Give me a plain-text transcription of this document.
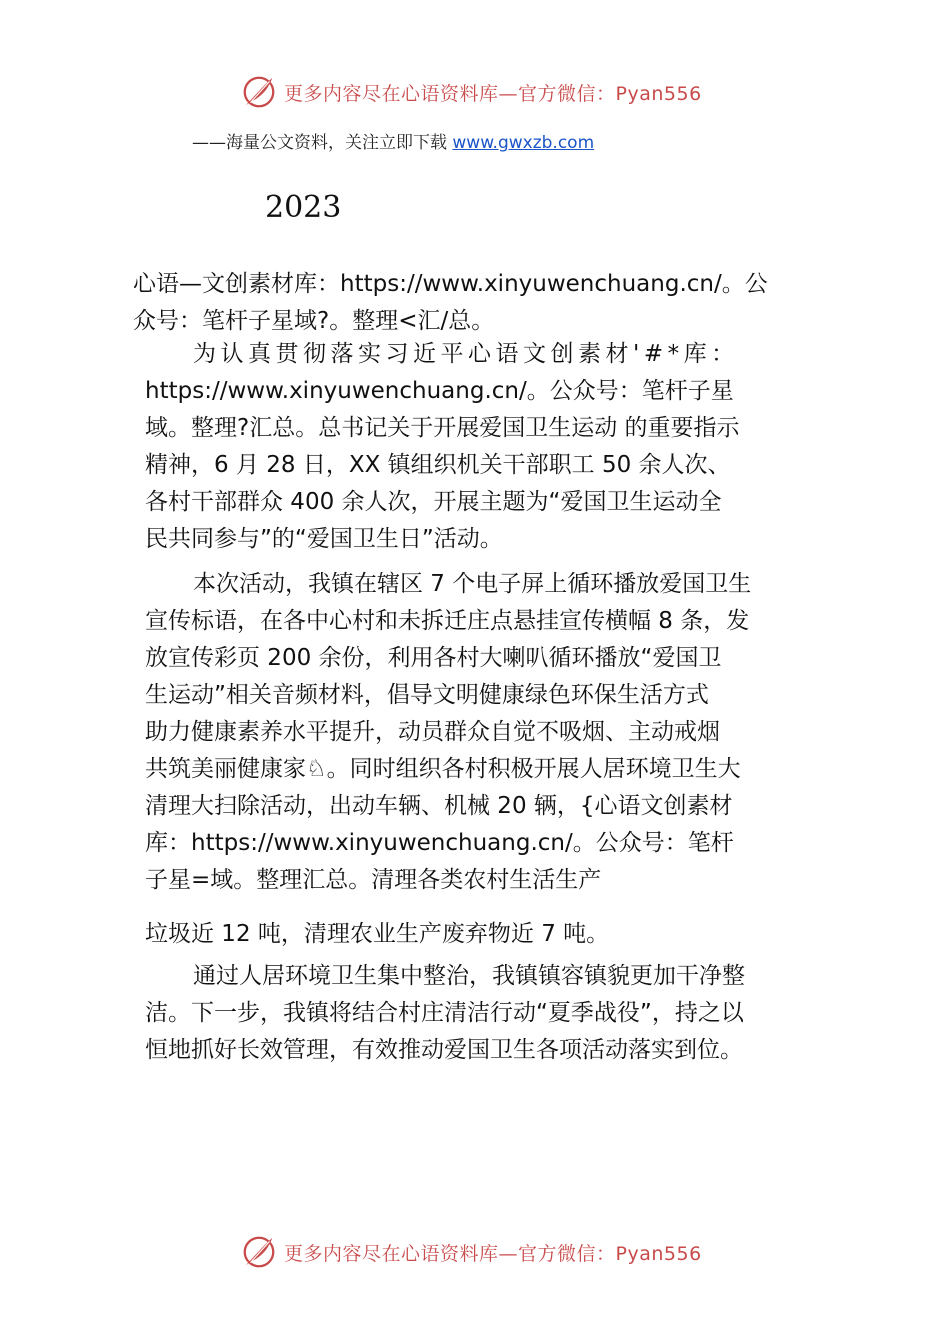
更多内容尽在心语资料库—官方微信：Pyan556
——海量公文资料，关注立即下载 www.gwxzb.com
2023
心语—文创素材库：https://www.xinyuwenchuang.cn/。公
众号：笔杆子星域?。整理<汇/总。
为认真贯彻落实习近平心语文创素材'#*库：
https://www.xinyuwenchuang.cn/。公众号：笔杆子星
域。整理?汇总。总书记关于开展爱国卫生运动 的重要指示
精神，6 月 28 日，XX 镇组织机关干部职工 50 余人次、
各村干部群众 400 余人次，开展主题为“爱国卫生运动全
民共同参与”的“爱国卫生日”活动。
本次活动，我镇在辖区 7 个电子屏上循环播放爱国卫生
宣传标语，在各中心村和未拆迁庄点悬挂宣传横幅 8 条，发
放宣传彩页 200 余份，利用各村大喇叭循环播放“爱国卫
生运动”相关音频材料，倡导文明健康绿色环保生活方式
助力健康素养水平提升，动员群众自觉不吸烟、主动戒烟
共筑美丽健康家♘。同时组织各村积极开展人居环境卫生大
清理大扫除活动，出动车辆、机械 20 辆，{心语文创素材
库：https://www.xinyuwenchuang.cn/。公众号：笔杆
子星=域。整理汇总。清理各类农村生活生产
垃圾近 12 吨，清理农业生产废弃物近 7 吨。
通过人居环境卫生集中整治，我镇镇容镇貌更加干净整
洁。下一步，我镇将结合村庄清洁行动“夏季战役”，持之以
恒地抓好长效管理，有效推动爱国卫生各项活动落实到位。
更多内容尽在心语资料库—官方微信：Pyan556
